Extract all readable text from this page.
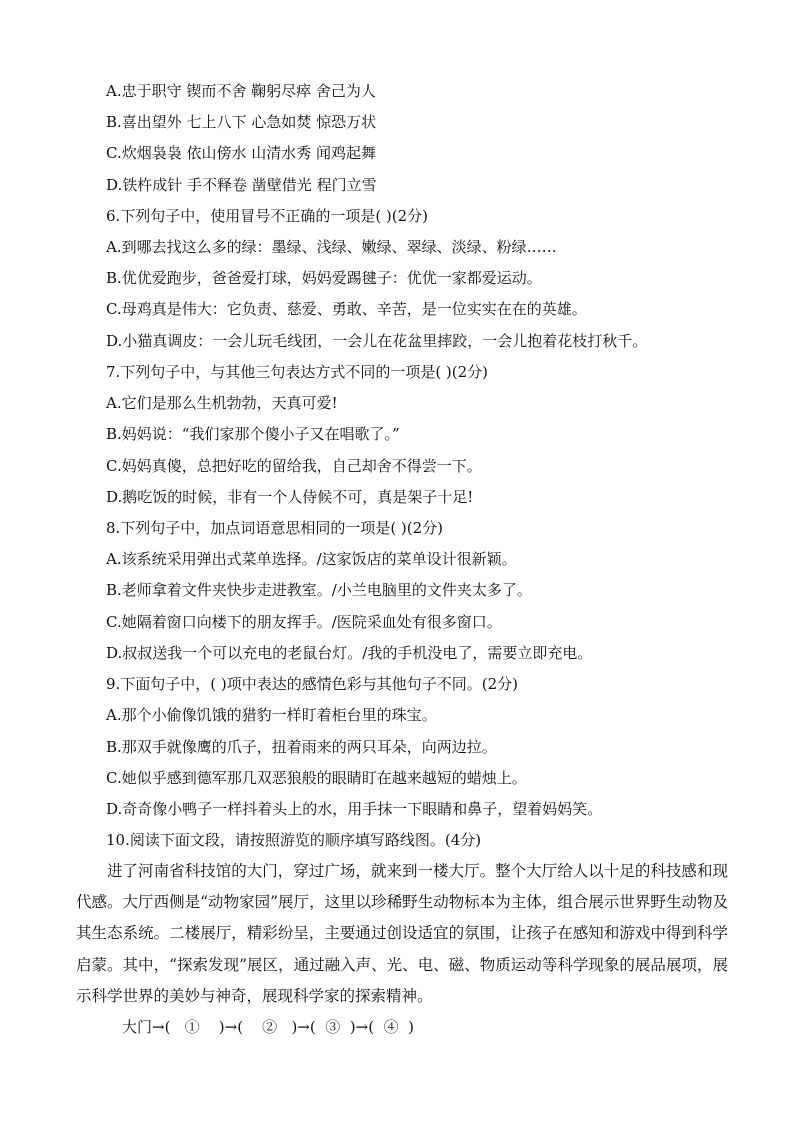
A.忠于职守 锲而不舍 鞠躬尽瘁 舍己为人
B.喜出望外 七上八下 心急如焚 惊恐万状
C.炊烟袅袅 依山傍水 山清水秀 闻鸡起舞
D.铁杵成针 手不释卷 凿壁借光 程门立雪
6.下列句子中，使用冒号不正确的一项是( )(2分)
A.到哪去找这么多的绿：墨绿、浅绿、嫩绿、翠绿、淡绿、粉绿……
B.优优爱跑步，爸爸爱打球，妈妈爱踢毽子：优优一家都爱运动。
C.母鸡真是伟大：它负责、慈爱、勇敢、辛苦，是一位实实在在的英雄。
D.小猫真调皮：一会儿玩毛线团，一会儿在花盆里摔跤，一会儿抱着花枝打秋千。
7.下列句子中，与其他三句表达方式不同的一项是( )(2分)
A.它们是那么生机勃勃，天真可爱!
B.妈妈说：“我们家那个傻小子又在唱歌了。”
C.妈妈真傻，总把好吃的留给我，自己却舍不得尝一下。
D.鹅吃饭的时候，非有一个人侍候不可，真是架子十足!
8.下列句子中，加点词语意思相同的一项是( )(2分)
A.该系统采用弹出式菜单选择。/这家饭店的菜单设计很新颖。
B.老师拿着文件夹快步走进教室。/小兰电脑里的文件夹太多了。
C.她隔着窗口向楼下的朋友挥手。/医院采血处有很多窗口。
D.叔叔送我一个可以充电的老鼠台灯。/我的手机没电了，需要立即充电。
9.下面句子中，( )项中表达的感情色彩与其他句子不同。(2分)
A.那个小偷像饥饿的猎豹一样盯着柜台里的珠宝。
B.那双手就像鹰的爪子，扭着雨来的两只耳朵，向两边拉。
C.她似乎感到德军那几双恶狼般的眼睛盯在越来越短的蜡烛上。
D.奇奇像小鸭子一样抖着头上的水，用手抹一下眼睛和鼻子，望着妈妈笑。
10.阅读下面文段，请按照游览的顺序填写路线图。(4分)
进了河南省科技馆的大门，穿过广场，就来到一楼大厅。整个大厅给人以十足的科技感和现代感。大厅西侧是“动物家园”展厅，这里以珍稀野生动物标本为主体，组合展示世界野生动物及其生态系统。二楼展厅，精彩纷呈，主要通过创设适宜的氛围，让孩子在感知和游戏中得到科学启蒙。其中，“探索发现”展区，通过融入声、光、电、磁、物质运动等科学现象的展品展项，展示科学世界的美妙与神奇，展现科学家的探索精神。
大门→(   ①    )→(    ②   )→(  ③  )→(  ④  )
